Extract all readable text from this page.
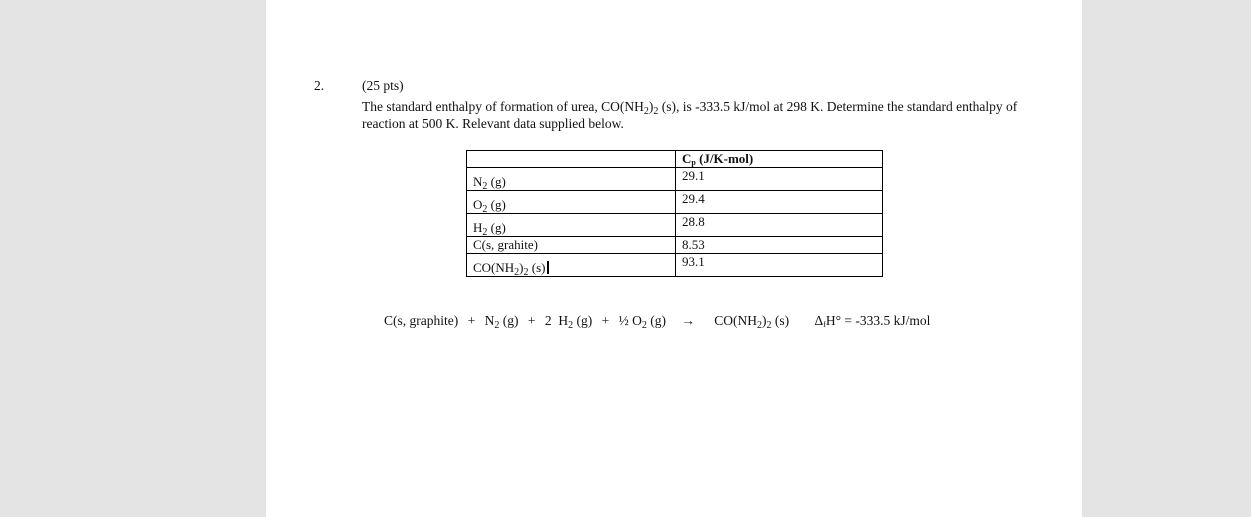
2.	(25 pts)
The standard enthalpy of formation of urea, $CO(NH_2)_2$ (s), is -333.5 kJ/mol at 298 K. Determine the standard enthalpy of reaction at 500 K. Relevant data supplied below.
	$C_p$ (J/K-mol)
$N_2$ (g)	29.1
$O_2$ (g)	29.4
$H_2$ (g)	28.8
C(s, grahite)	8.53
$CO(NH_2)_2$ (s)	93.1
C(s, graphite) + $N_2$ (g) + 2 $H_2$ (g) + ½ $O_2$ $(g) \to CO(NH_2)_2$ (s) $\Delta_fH^\circ = -333.5$ kJ/mol
